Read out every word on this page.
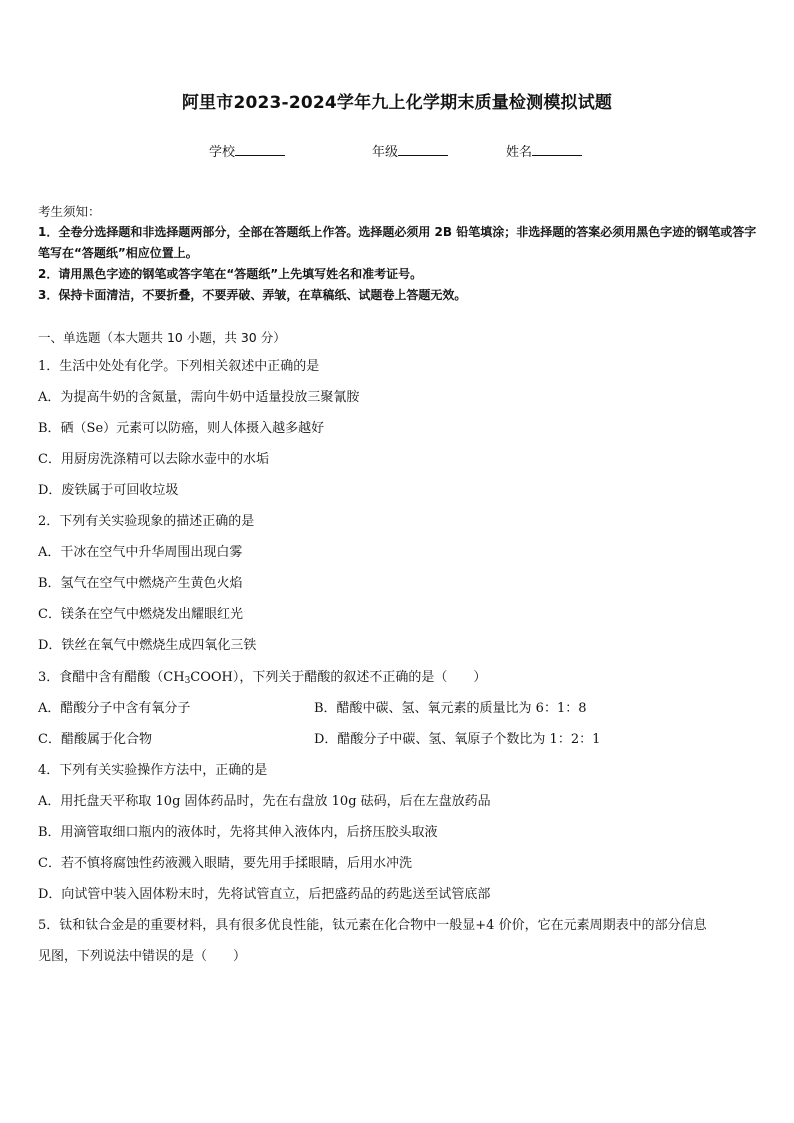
阿里市2023-2024学年九上化学期末质量检测模拟试题
学校	年级	姓名
考生须知：
1．全卷分选择题和非选择题两部分，全部在答题纸上作答。选择题必须用 2B 铅笔填涂；非选择题的答案必须用黑色字迹的钢笔或答字笔写在“答题纸”相应位置上。
2．请用黑色字迹的钢笔或答字笔在“答题纸”上先填写姓名和准考证号。
3．保持卡面清洁，不要折叠，不要弄破、弄皱，在草稿纸、试题卷上答题无效。
一、单选题（本大题共 10 小题，共 30 分）
1．生活中处处有化学。下列相关叙述中正确的是
A．为提高牛奶的含氮量，需向牛奶中适量投放三聚氰胺
B．硒（Se）元素可以防癌，则人体摄入越多越好
C．用厨房洗涤精可以去除水壶中的水垢
D．废铁属于可回收垃圾
2．下列有关实验现象的描述正确的是
A．干冰在空气中升华周围出现白雾
B．氢气在空气中燃烧产生黄色火焰
C．镁条在空气中燃烧发出耀眼红光
D．铁丝在氧气中燃烧生成四氧化三铁
3．食醋中含有醋酸$(CH_3COOH)$，下列关于醋酸的叙述不正确的是（　　）
A．醋酸分子中含有氧分子	B．醋酸中碳、氢、氧元素的质量比为 6：1：8
C．醋酸属于化合物	D．醋酸分子中碳、氢、氧原子个数比为 1：2：1
4．下列有关实验操作方法中，正确的是
A．用托盘天平称取 10g 固体药品时，先在右盘放 10g 砝码，后在左盘放药品
B．用滴管取细口瓶内的液体时，先将其伸入液体内，后挤压胶头取液
C．若不慎将腐蚀性药液溅入眼睛，要先用手揉眼睛，后用水冲洗
D．向试管中装入固体粉末时，先将试管直立，后把盛药品的药匙送至试管底部
5．钛和钛合金是的重要材料，具有很多优良性能，钛元素在化合物中一般显+4 价价，它在元素周期表中的部分信息
见图，下列说法中错误的是（　　）
